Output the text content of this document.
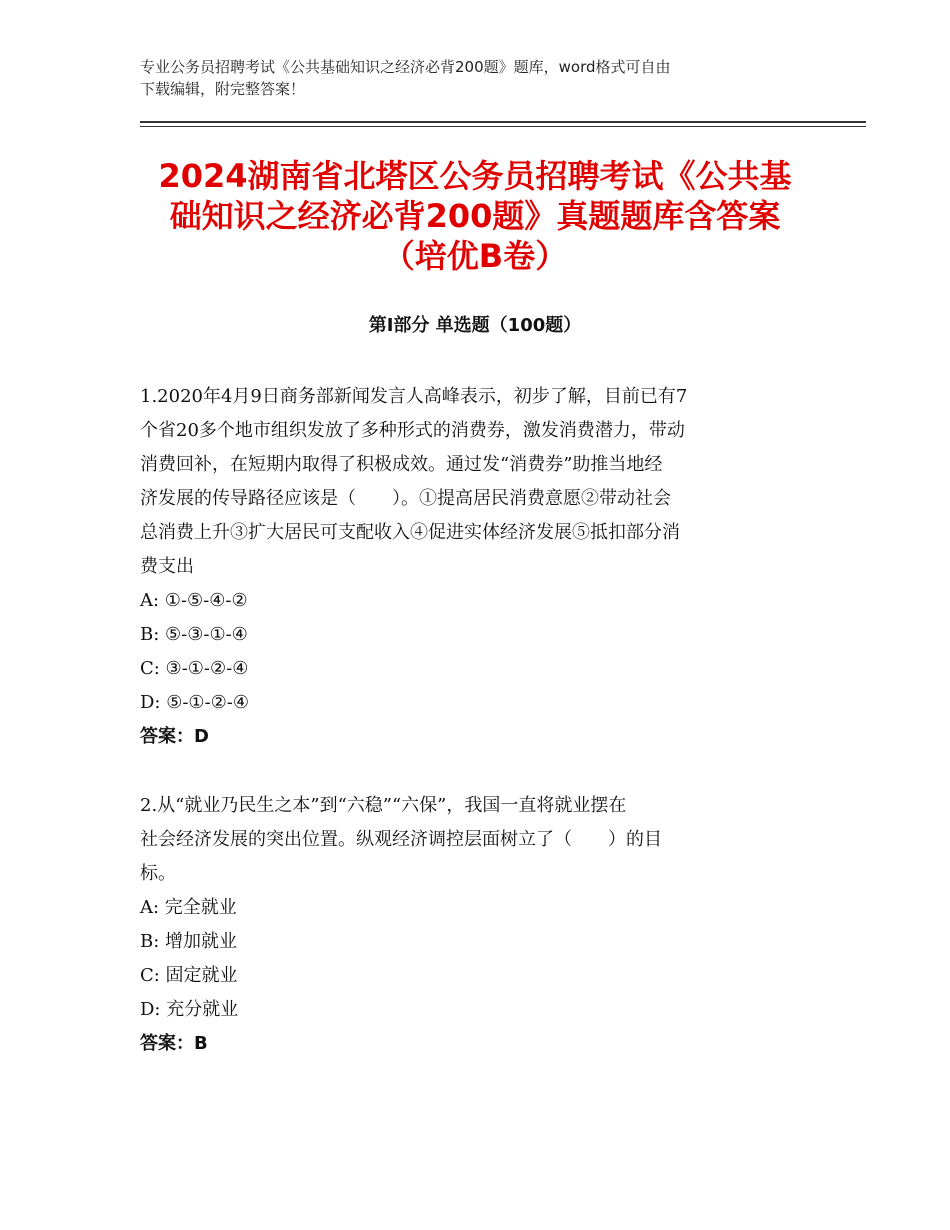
专业公务员招聘考试《公共基础知识之经济必背200题》题库，word格式可自由
下载编辑，附完整答案！
2024湖南省北塔区公务员招聘考试《公共基
础知识之经济必背200题》真题题库含答案
（培优B卷）
第Ⅰ部分 单选题（100题）
1.2020年4月9日商务部新闻发言人高峰表示，初步了解，目前已有7
个省20多个地市组织发放了多种形式的消费券，激发消费潜力，带动
消费回补，在短期内取得了积极成效。通过发“消费券”助推当地经
济发展的传导路径应该是（　　）。①提高居民消费意愿②带动社会
总消费上升③扩大居民可支配收入④促进实体经济发展⑤抵扣部分消
费支出
A: ①-⑤-④-②
B: ⑤-③-①-④
C: ③-①-②-④
D: ⑤-①-②-④
答案：D
2.从“就业乃民生之本”到“六稳”“六保”，我国一直将就业摆在
社会经济发展的突出位置。纵观经济调控层面树立了（　　）的目
标。
A: 完全就业
B: 增加就业
C: 固定就业
D: 充分就业
答案：B
